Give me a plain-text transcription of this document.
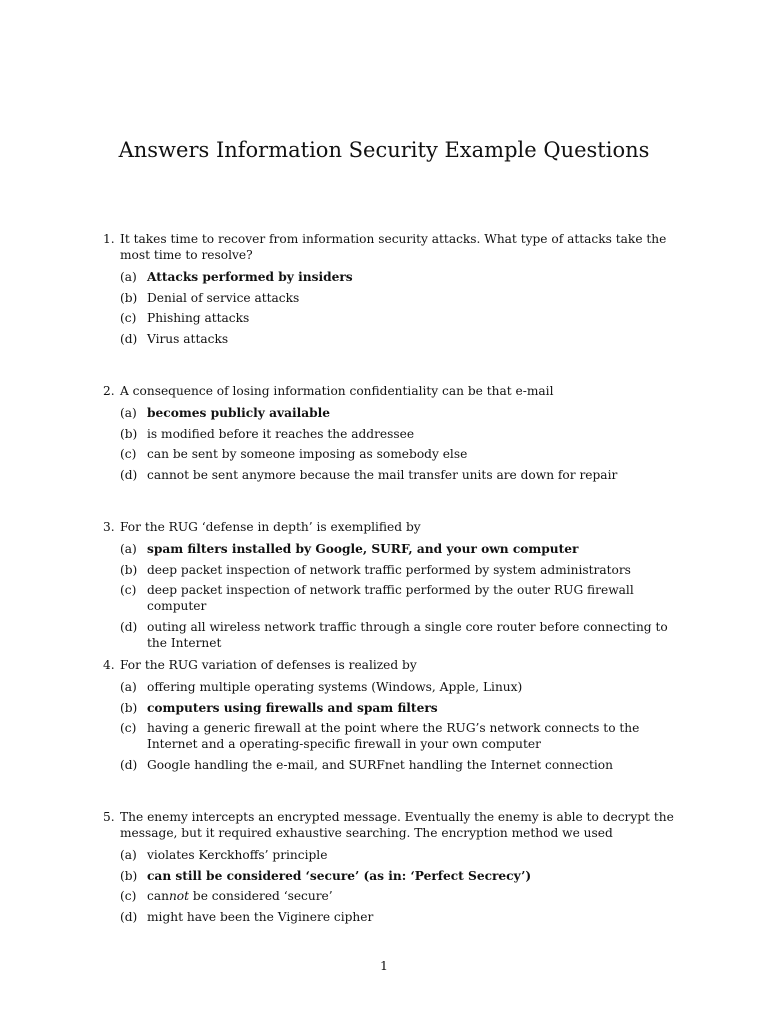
Answers Information Security Example Questions
1. It takes time to recover from information security attacks. What type of attacks take the most time to resolve?
(a) Attacks performed by insiders
(b) Denial of service attacks
(c) Phishing attacks
(d) Virus attacks
2. A consequence of losing information confidentiality can be that e-mail
(a) becomes publicly available
(b) is modified before it reaches the addressee
(c) can be sent by someone imposing as somebody else
(d) cannot be sent anymore because the mail transfer units are down for repair
3. For the RUG ‘defense in depth’ is exemplified by
(a) spam filters installed by Google, SURF, and your own computer
(b) deep packet inspection of network traffic performed by system administrators
(c) deep packet inspection of network traffic performed by the outer RUG firewall computer
(d) outing all wireless network traffic through a single core router before connecting to the Internet
4. For the RUG variation of defenses is realized by
(a) offering multiple operating systems (Windows, Apple, Linux)
(b) computers using firewalls and spam filters
(c) having a generic firewall at the point where the RUG’s network connects to the Internet and a operating-specific firewall in your own computer
(d) Google handling the e-mail, and SURFnet handling the Internet connection
5. The enemy intercepts an encrypted message. Eventually the enemy is able to decrypt the message, but it required exhaustive searching. The encryption method we used
(a) violates Kerckhoffs’ principle
(b) can still be considered ‘secure’ (as in: ‘Perfect Secrecy’)
(c) cannot be considered ‘secure’
(d) might have been the Viginere cipher
1
